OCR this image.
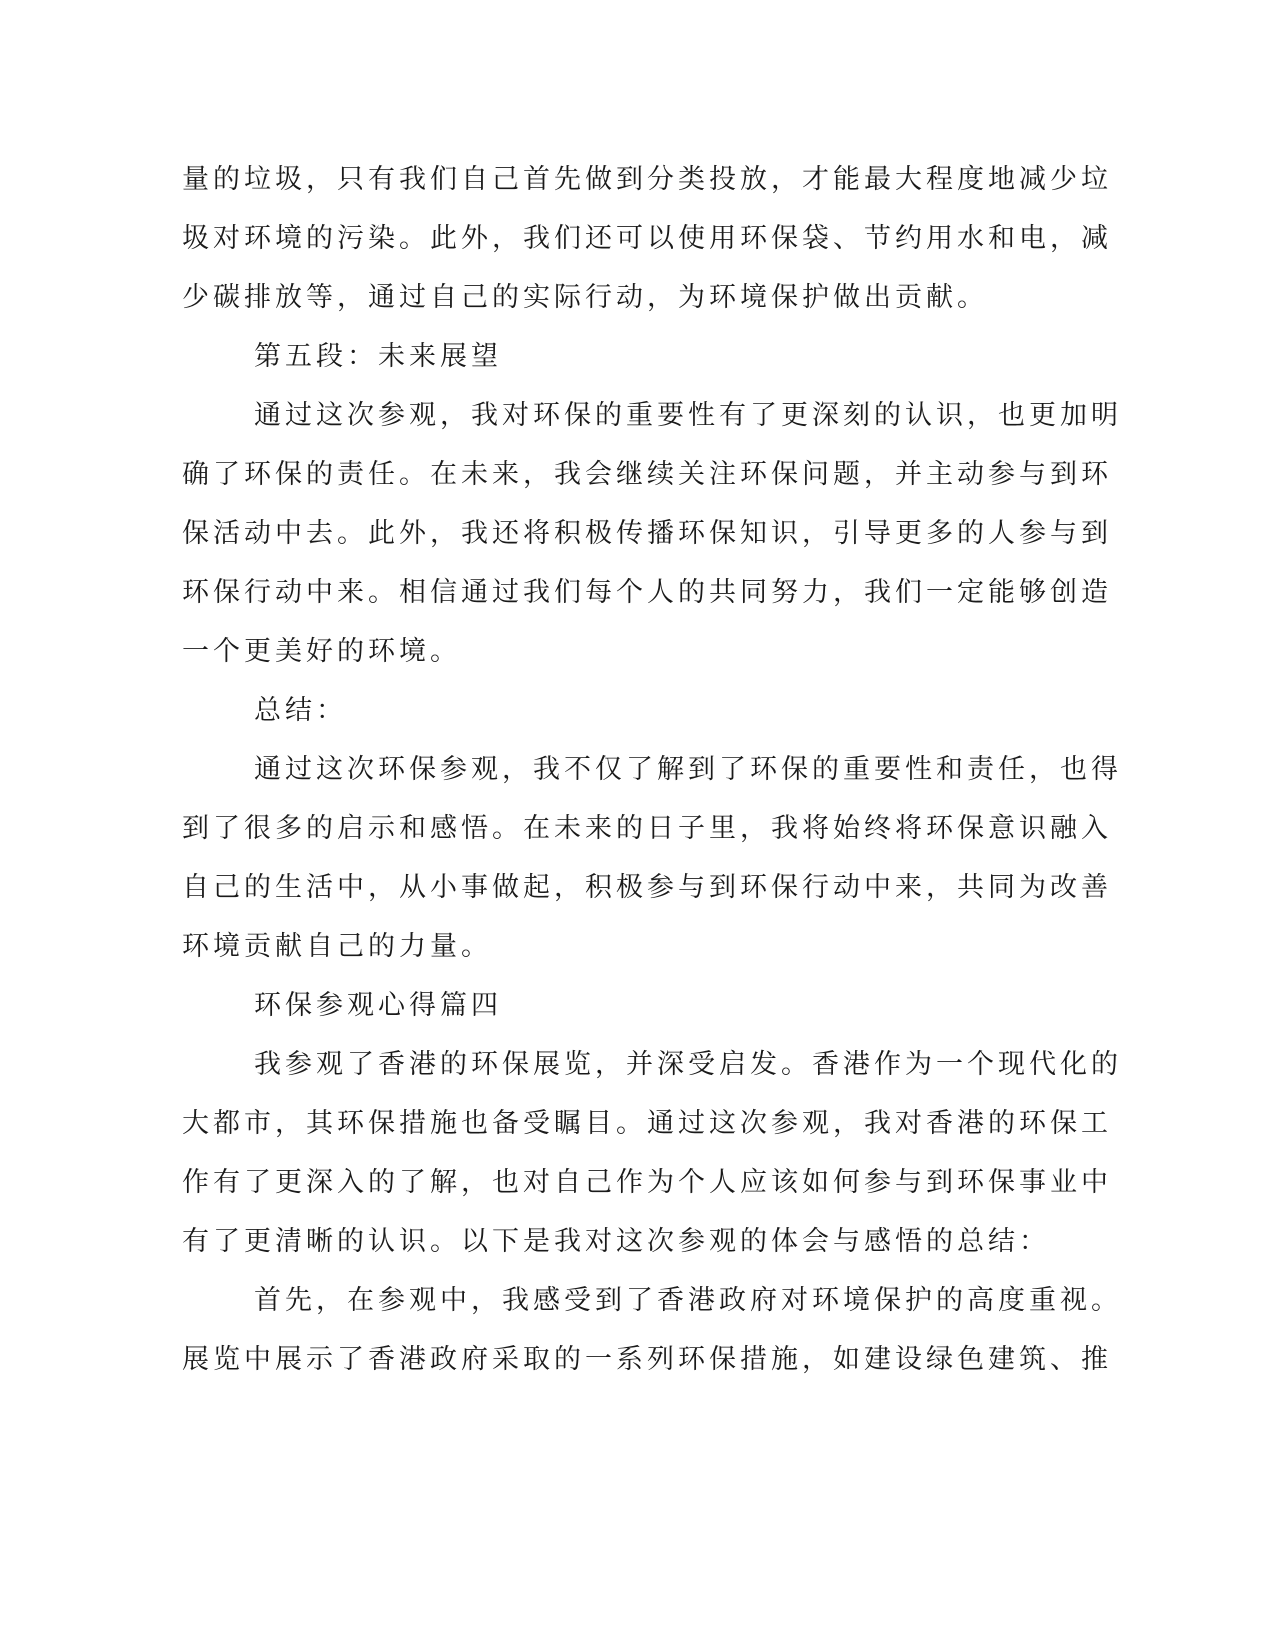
量的垃圾，只有我们自己首先做到分类投放，才能最大程度地减少垃

圾对环境的污染。此外，我们还可以使用环保袋、节约用水和电，减

少碳排放等，通过自己的实际行动，为环境保护做出贡献。

第五段：未来展望

通过这次参观，我对环保的重要性有了更深刻的认识，也更加明

确了环保的责任。在未来，我会继续关注环保问题，并主动参与到环

保活动中去。此外，我还将积极传播环保知识，引导更多的人参与到

环保行动中来。相信通过我们每个人的共同努力，我们一定能够创造

一个更美好的环境。

总结：

通过这次环保参观，我不仅了解到了环保的重要性和责任，也得

到了很多的启示和感悟。在未来的日子里，我将始终将环保意识融入

自己的生活中，从小事做起，积极参与到环保行动中来，共同为改善

环境贡献自己的力量。

环保参观心得篇四

我参观了香港的环保展览，并深受启发。香港作为一个现代化的

大都市，其环保措施也备受瞩目。通过这次参观，我对香港的环保工

作有了更深入的了解，也对自己作为个人应该如何参与到环保事业中

有了更清晰的认识。以下是我对这次参观的体会与感悟的总结：

首先，在参观中，我感受到了香港政府对环境保护的高度重视。

展览中展示了香港政府采取的一系列环保措施，如建设绿色建筑、推
